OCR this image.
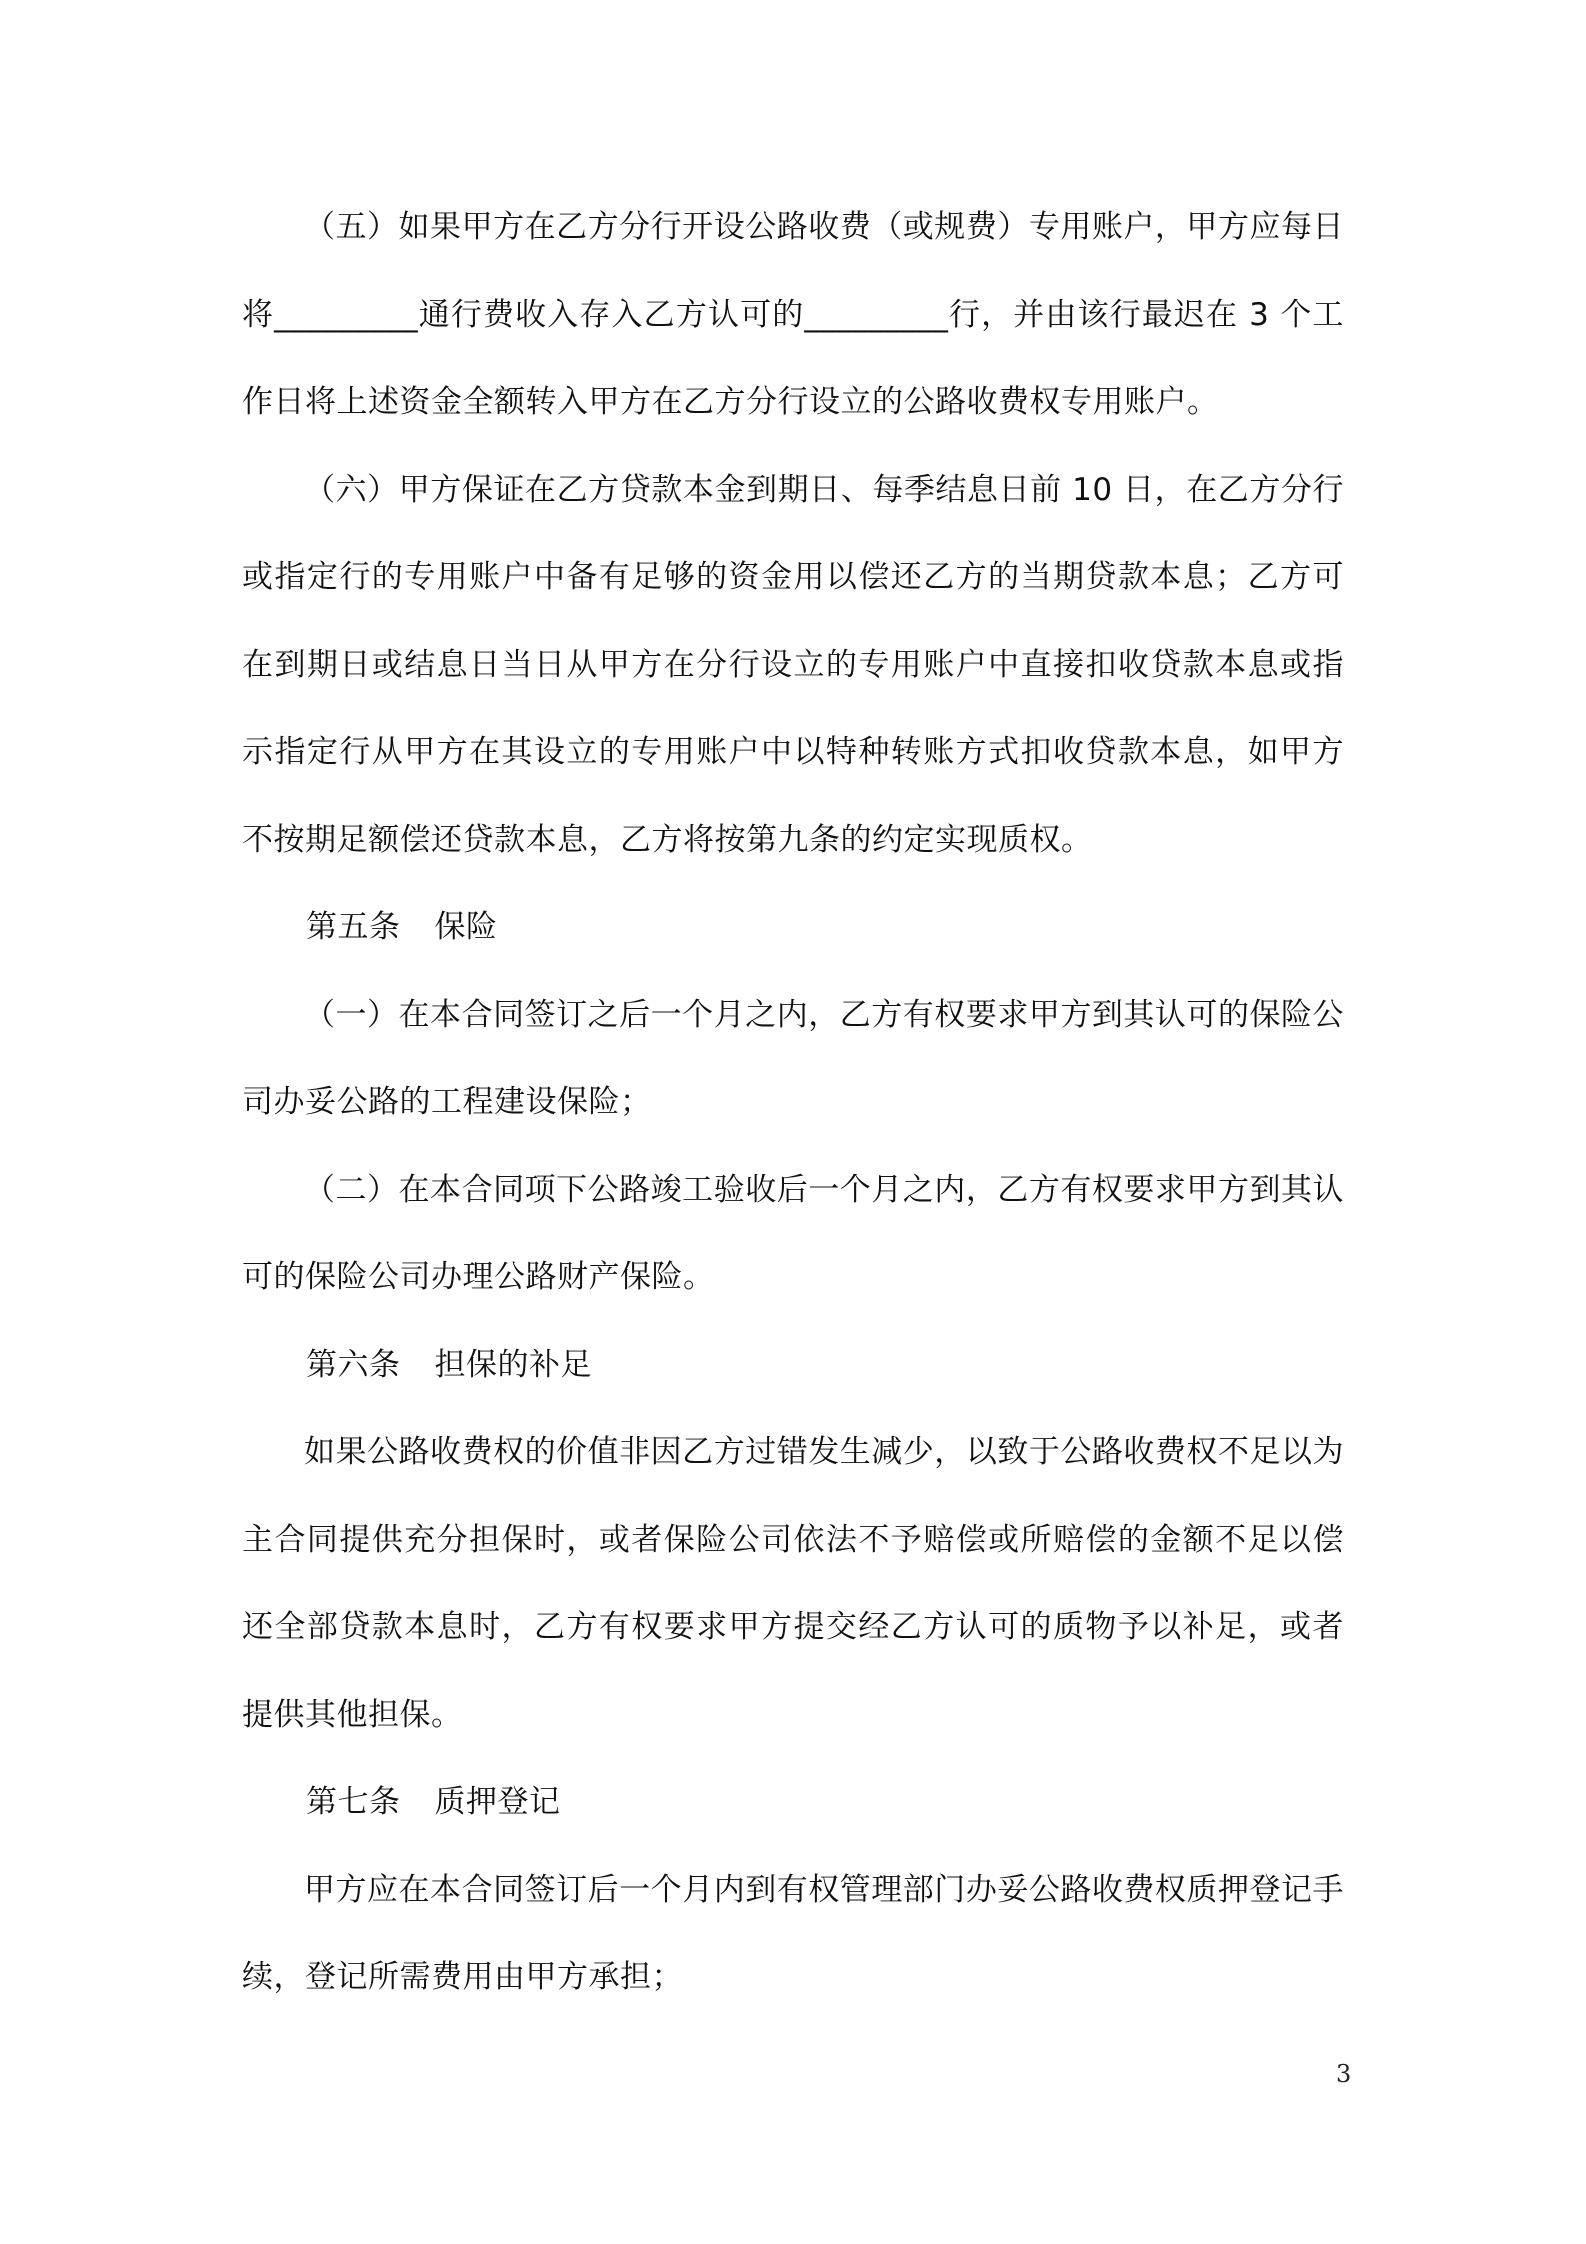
（五）如果甲方在乙方分行开设公路收费（或规费）专用账户，甲方应每日将_________通行费收入存入乙方认可的_________行，并由该行最迟在 3 个工作日将上述资金全额转入甲方在乙方分行设立的公路收费权专用账户。

（六）甲方保证在乙方贷款本金到期日、每季结息日前 10 日，在乙方分行或指定行的专用账户中备有足够的资金用以偿还乙方的当期贷款本息；乙方可在到期日或结息日当日从甲方在分行设立的专用账户中直接扣收贷款本息或指示指定行从甲方在其设立的专用账户中以特种转账方式扣收贷款本息，如甲方不按期足额偿还贷款本息，乙方将按第九条的约定实现质权。

第五条 保险

（一）在本合同签订之后一个月之内，乙方有权要求甲方到其认可的保险公司办妥公路的工程建设保险；

（二）在本合同项下公路竣工验收后一个月之内，乙方有权要求甲方到其认可的保险公司办理公路财产保险。

第六条 担保的补足

如果公路收费权的价值非因乙方过错发生减少，以致于公路收费权不足以为主合同提供充分担保时，或者保险公司依法不予赔偿或所赔偿的金额不足以偿还全部贷款本息时，乙方有权要求甲方提交经乙方认可的质物予以补足，或者提供其他担保。

第七条 质押登记

甲方应在本合同签订后一个月内到有权管理部门办妥公路收费权质押登记手续，登记所需费用由甲方承担；

3
